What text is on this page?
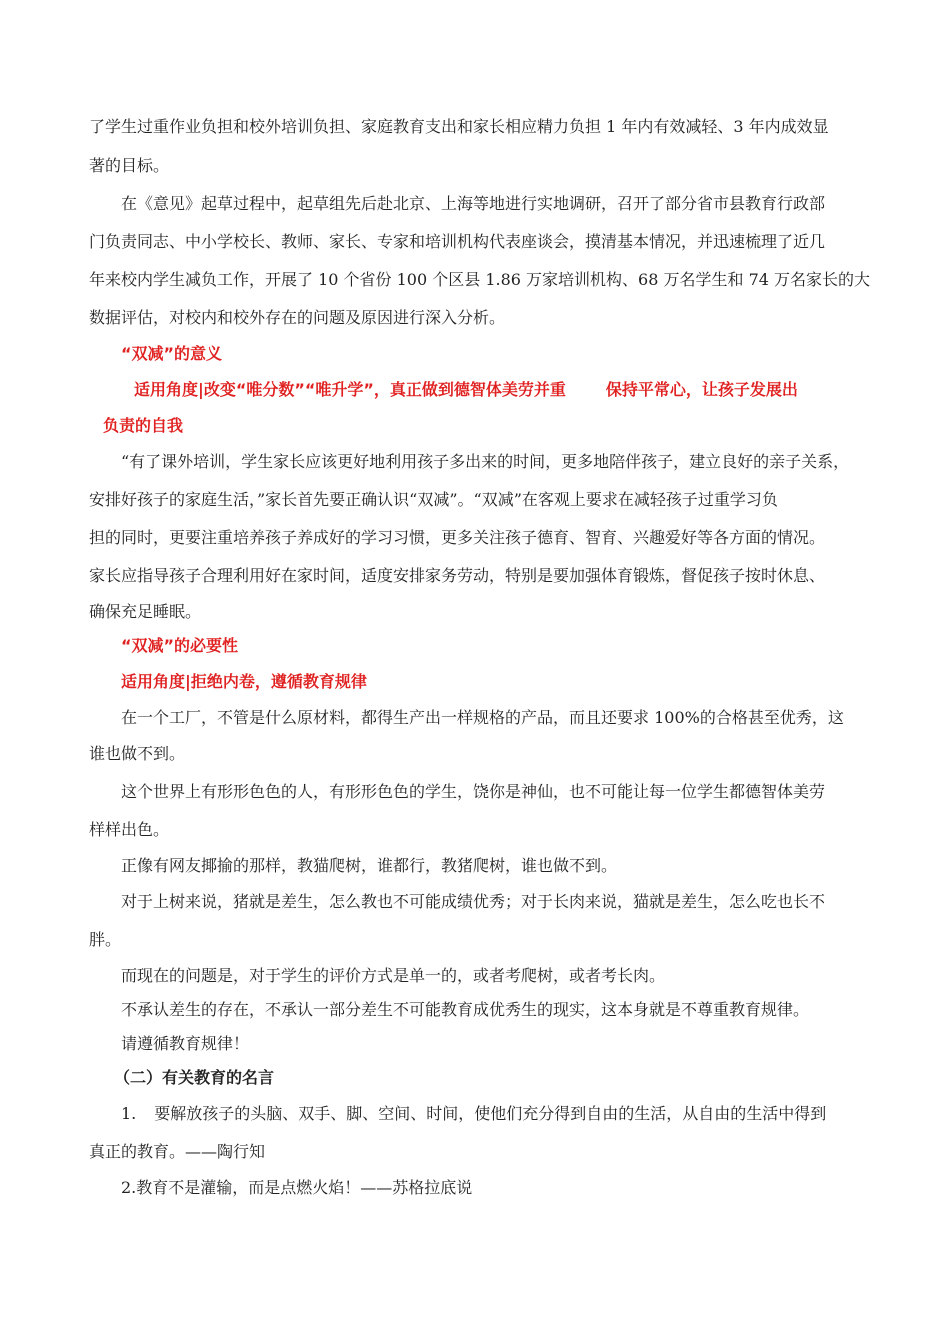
了学生过重作业负担和校外培训负担、家庭教育支出和家长相应精力负担 1 年内有效减轻、3 年内成效显
著的目标。
在《意见》起草过程中，起草组先后赴北京、上海等地进行实地调研，召开了部分省市县教育行政部
门负责同志、中小学校长、教师、家长、专家和培训机构代表座谈会，摸清基本情况，并迅速梳理了近几
年来校内学生减负工作，开展了 10 个省份 100 个区县 1.86 万家培训机构、68 万名学生和 74 万名家长的大
数据评估，对校内和校外存在的问题及原因进行深入分析。
“双减”的意义
适用角度|改变“唯分数”“唯升学”，真正做到德智体美劳并重	保持平常心，让孩子发展出
负责的自我
“有了课外培训，学生家长应该更好地利用孩子多出来的时间，更多地陪伴孩子，建立良好的亲子关系，
安排好孩子的家庭生活，”家长首先要正确认识“双减”。“双减”在客观上要求在减轻孩子过重学习负
担的同时，更要注重培养孩子养成好的学习习惯，更多关注孩子德育、智育、兴趣爱好等各方面的情况。
家长应指导孩子合理利用好在家时间，适度安排家务劳动，特别是要加强体育锻炼，督促孩子按时休息、
确保充足睡眠。
“双减”的必要性
适用角度|拒绝内卷，遵循教育规律
在一个工厂，不管是什么原材料，都得生产出一样规格的产品，而且还要求 100%的合格甚至优秀，这
谁也做不到。
这个世界上有形形色色的人，有形形色色的学生，饶你是神仙，也不可能让每一位学生都德智体美劳
样样出色。
正像有网友揶揄的那样，教猫爬树，谁都行，教猪爬树，谁也做不到。
对于上树来说，猪就是差生，怎么教也不可能成绩优秀；对于长肉来说，猫就是差生，怎么吃也长不
胖。
而现在的问题是，对于学生的评价方式是单一的，或者考爬树，或者考长肉。
不承认差生的存在，不承认一部分差生不可能教育成优秀生的现实，这本身就是不尊重教育规律。
请遵循教育规律！
（二）有关教育的名言
1. 要解放孩子的头脑、双手、脚、空间、时间，使他们充分得到自由的生活，从自由的生活中得到
真正的教育。——陶行知
2.教育不是灌输，而是点燃火焰！——苏格拉底说
